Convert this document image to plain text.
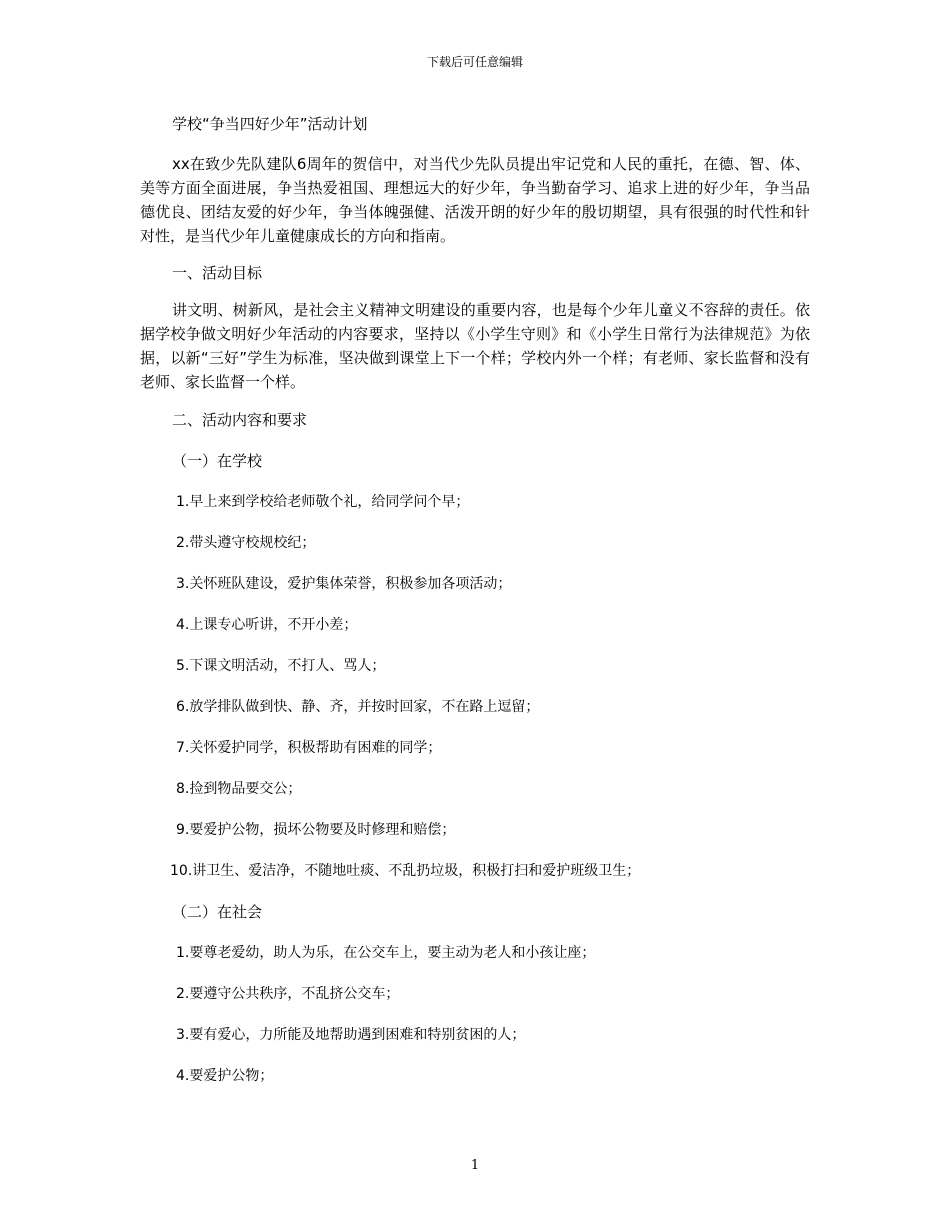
下载后可任意编辑
学校“争当四好少年”活动计划

xx在致少先队建队6周年的贺信中，对当代少先队员提出牢记党和人民的重托，在德、智、体、美等方面全面进展，争当热爱祖国、理想远大的好少年，争当勤奋学习、追求上进的好少年，争当品德优良、团结友爱的好少年，争当体魄强健、活泼开朗的好少年的殷切期望，具有很强的时代性和针对性，是当代少年儿童健康成长的方向和指南。

一、活动目标

讲文明、树新风，是社会主义精神文明建设的重要内容，也是每个少年儿童义不容辞的责任。依据学校争做文明好少年活动的内容要求，坚持以《小学生守则》和《小学生日常行为法律规范》为依据，以新“三好”学生为标准，坚决做到课堂上下一个样；学校内外一个样；有老师、家长监督和没有老师、家长监督一个样。

二、活动内容和要求
（一）在学校
1.早上来到学校给老师敬个礼，给同学问个早；
2.带头遵守校规校纪；
3.关怀班队建设，爱护集体荣誉，积极参加各项活动；
4.上课专心听讲，不开小差；
5.下课文明活动，不打人、骂人；
6.放学排队做到快、静、齐，并按时回家，不在路上逗留；
7.关怀爱护同学，积极帮助有困难的同学；
8.捡到物品要交公；
9.要爱护公物，损坏公物要及时修理和赔偿；
10.讲卫生、爱洁净，不随地吐痰、不乱扔垃圾，积极打扫和爱护班级卫生；
（二）在社会
1.要尊老爱幼，助人为乐，在公交车上，要主动为老人和小孩让座；
2.要遵守公共秩序，不乱挤公交车；
3.要有爱心，力所能及地帮助遇到困难和特别贫困的人；
4.要爱护公物；
1
